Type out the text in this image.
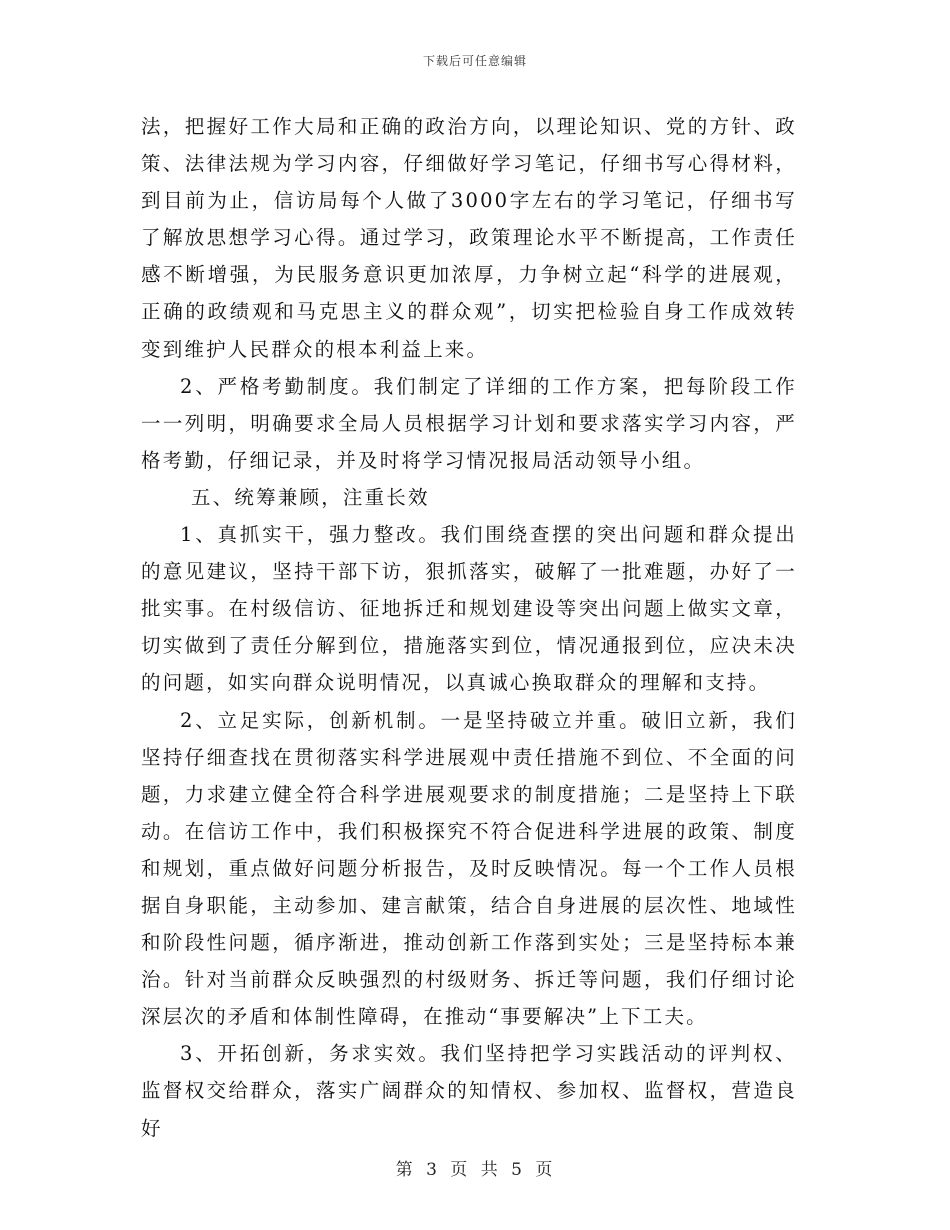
下载后可任意编辑

法，把握好工作大局和正确的政治方向，以理论知识、党的方针、政策、法律法规为学习内容，仔细做好学习笔记，仔细书写心得材料，到目前为止，信访局每个人做了3000字左右的学习笔记，仔细书写了解放思想学习心得。通过学习，政策理论水平不断提高，工作责任感不断增强，为民服务意识更加浓厚，力争树立起“科学的进展观，正确的政绩观和马克思主义的群众观”，切实把检验自身工作成效转变到维护人民群众的根本利益上来。

2、严格考勤制度。我们制定了详细的工作方案，把每阶段工作一一列明，明确要求全局人员根据学习计划和要求落实学习内容，严格考勤，仔细记录，并及时将学习情况报局活动领导小组。

五、统筹兼顾，注重长效

1、真抓实干，强力整改。我们围绕查摆的突出问题和群众提出的意见建议，坚持干部下访，狠抓落实，破解了一批难题，办好了一批实事。在村级信访、征地拆迁和规划建设等突出问题上做实文章，切实做到了责任分解到位，措施落实到位，情况通报到位，应决未决的问题，如实向群众说明情况，以真诚心换取群众的理解和支持。

2、立足实际，创新机制。一是坚持破立并重。破旧立新，我们坚持仔细查找在贯彻落实科学进展观中责任措施不到位、不全面的问题，力求建立健全符合科学进展观要求的制度措施；二是坚持上下联动。在信访工作中，我们积极探究不符合促进科学进展的政策、制度和规划，重点做好问题分析报告，及时反映情况。每一个工作人员根据自身职能，主动参加、建言献策，结合自身进展的层次性、地域性和阶段性问题，循序渐进，推动创新工作落到实处；三是坚持标本兼治。针对当前群众反映强烈的村级财务、拆迁等问题，我们仔细讨论深层次的矛盾和体制性障碍，在推动“事要解决”上下工夫。

3、开拓创新，务求实效。我们坚持把学习实践活动的评判权、监督权交给群众，落实广阔群众的知情权、参加权、监督权，营造良好

第 3 页 共 5 页
